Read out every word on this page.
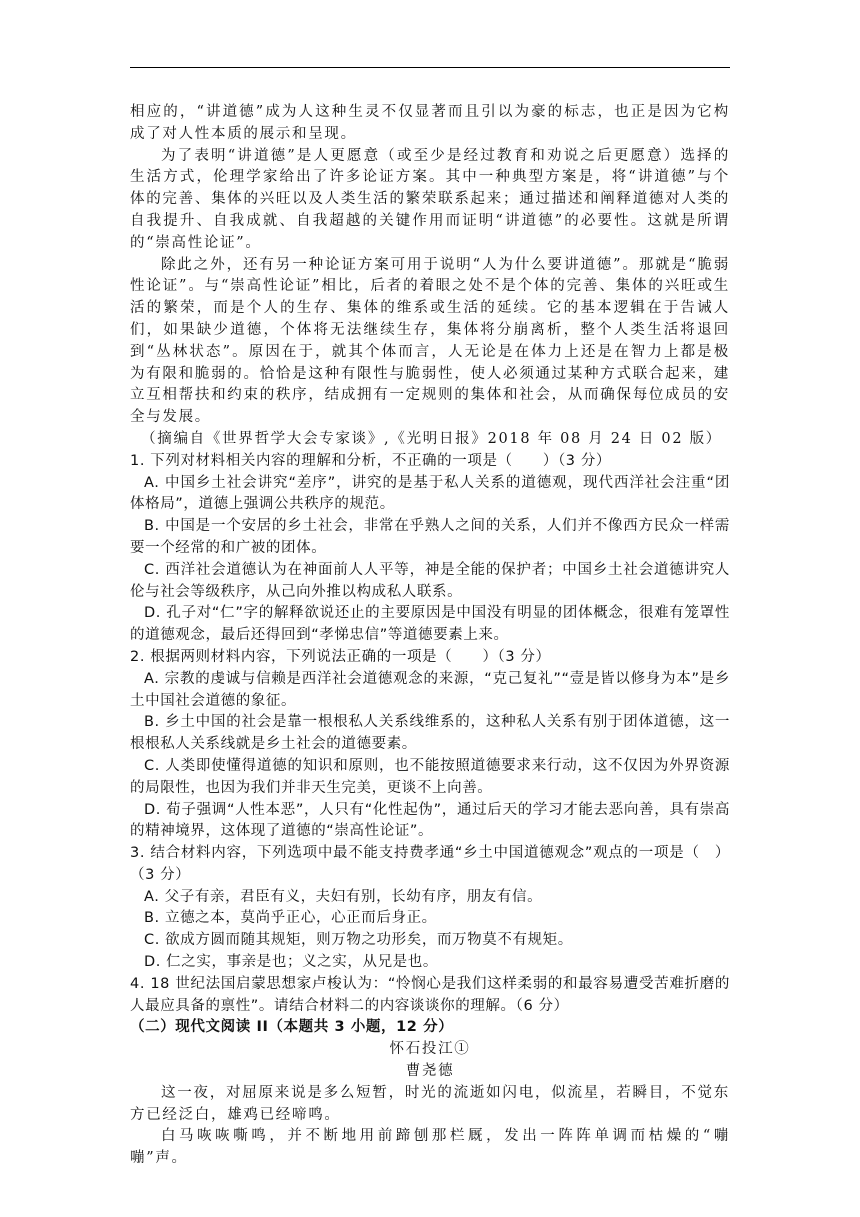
相应的，“讲道德”成为人这种生灵不仅显著而且引以为豪的标志，也正是因为它构成了对人性本质的展示和呈现。

为了表明“讲道德”是人更愿意（或至少是经过教育和劝说之后更愿意）选择的生活方式，伦理学家给出了许多论证方案。其中一种典型方案是，将“讲道德”与个体的完善、集体的兴旺以及人类生活的繁荣联系起来；通过描述和阐释道德对人类的自我提升、自我成就、自我超越的关键作用而证明“讲道德”的必要性。这就是所谓的“崇高性论证”。

除此之外，还有另一种论证方案可用于说明“人为什么要讲道德”。那就是“脆弱性论证”。与“崇高性论证”相比，后者的着眼之处不是个体的完善、集体的兴旺或生活的繁荣，而是个人的生存、集体的维系或生活的延续。它的基本逻辑在于告诫人们，如果缺少道德，个体将无法继续生存，集体将分崩离析，整个人类生活将退回到“丛林状态”。原因在于，就其个体而言，人无论是在体力上还是在智力上都是极为有限和脆弱的。恰恰是这种有限性与脆弱性，使人必须通过某种方式联合起来，建立互相帮扶和约束的秩序，结成拥有一定规则的集体和社会，从而确保每位成员的安全与发展。

（摘编自《世界哲学大会专家谈》,《光明日报》2018 年 08 月 24 日 02 版）

1. 下列对材料相关内容的理解和分析，不正确的一项是（　　）（3 分）

A. 中国乡土社会讲究“差序”，讲究的是基于私人关系的道德观，现代西洋社会注重“团体格局”，道德上强调公共秩序的规范。

B. 中国是一个安居的乡土社会，非常在乎熟人之间的关系，人们并不像西方民众一样需要一个经常的和广被的团体。

C. 西洋社会道德认为在神面前人人平等，神是全能的保护者；中国乡土社会道德讲究人伦与社会等级秩序，从己向外推以构成私人联系。

D. 孔子对“仁”字的解释欲说还止的主要原因是中国没有明显的团体概念，很难有笼罩性的道德观念，最后还得回到“孝悌忠信”等道德要素上来。

2. 根据两则材料内容，下列说法正确的一项是（　　）（3 分）

A. 宗教的虔诚与信赖是西洋社会道德观念的来源，“克己复礼”“壹是皆以修身为本”是乡土中国社会道德的象征。

B. 乡土中国的社会是靠一根根私人关系线维系的，这种私人关系有别于团体道德，这一根根私人关系线就是乡土社会的道德要素。

C. 人类即使懂得道德的知识和原则，也不能按照道德要求来行动，这不仅因为外界资源的局限性，也因为我们并非天生完美，更谈不上向善。

D. 荀子强调“人性本恶”，人只有“化性起伪”，通过后天的学习才能去恶向善，具有崇高的精神境界，这体现了道德的“崇高性论证”。

3. 结合材料内容，下列选项中最不能支持费孝通“乡土中国道德观念”观点的一项是（　）（3 分）

A. 父子有亲，君臣有义，夫妇有别，长幼有序，朋友有信。

B. 立德之本，莫尚乎正心，心正而后身正。

C. 欲成方圆而随其规矩，则万物之功形矣，而万物莫不有规矩。

D. 仁之实，事亲是也；义之实，从兄是也。

4. 18 世纪法国启蒙思想家卢梭认为：“怜悯心是我们这样柔弱的和最容易遭受苦难折磨的人最应具备的禀性”。请结合材料二的内容谈谈你的理解。（6 分）

（二）现代文阅读 II（本题共 3 小题，12 分）

怀石投江①

曹尧德

这一夜，对屈原来说是多么短暂，时光的流逝如闪电，似流星，若瞬目，不觉东方已经泛白，雄鸡已经啼鸣。

白马咴咴嘶鸣，并不断地用前蹄刨那栏厩，发出一阵阵单调而枯燥的“嘣嘣”声。
